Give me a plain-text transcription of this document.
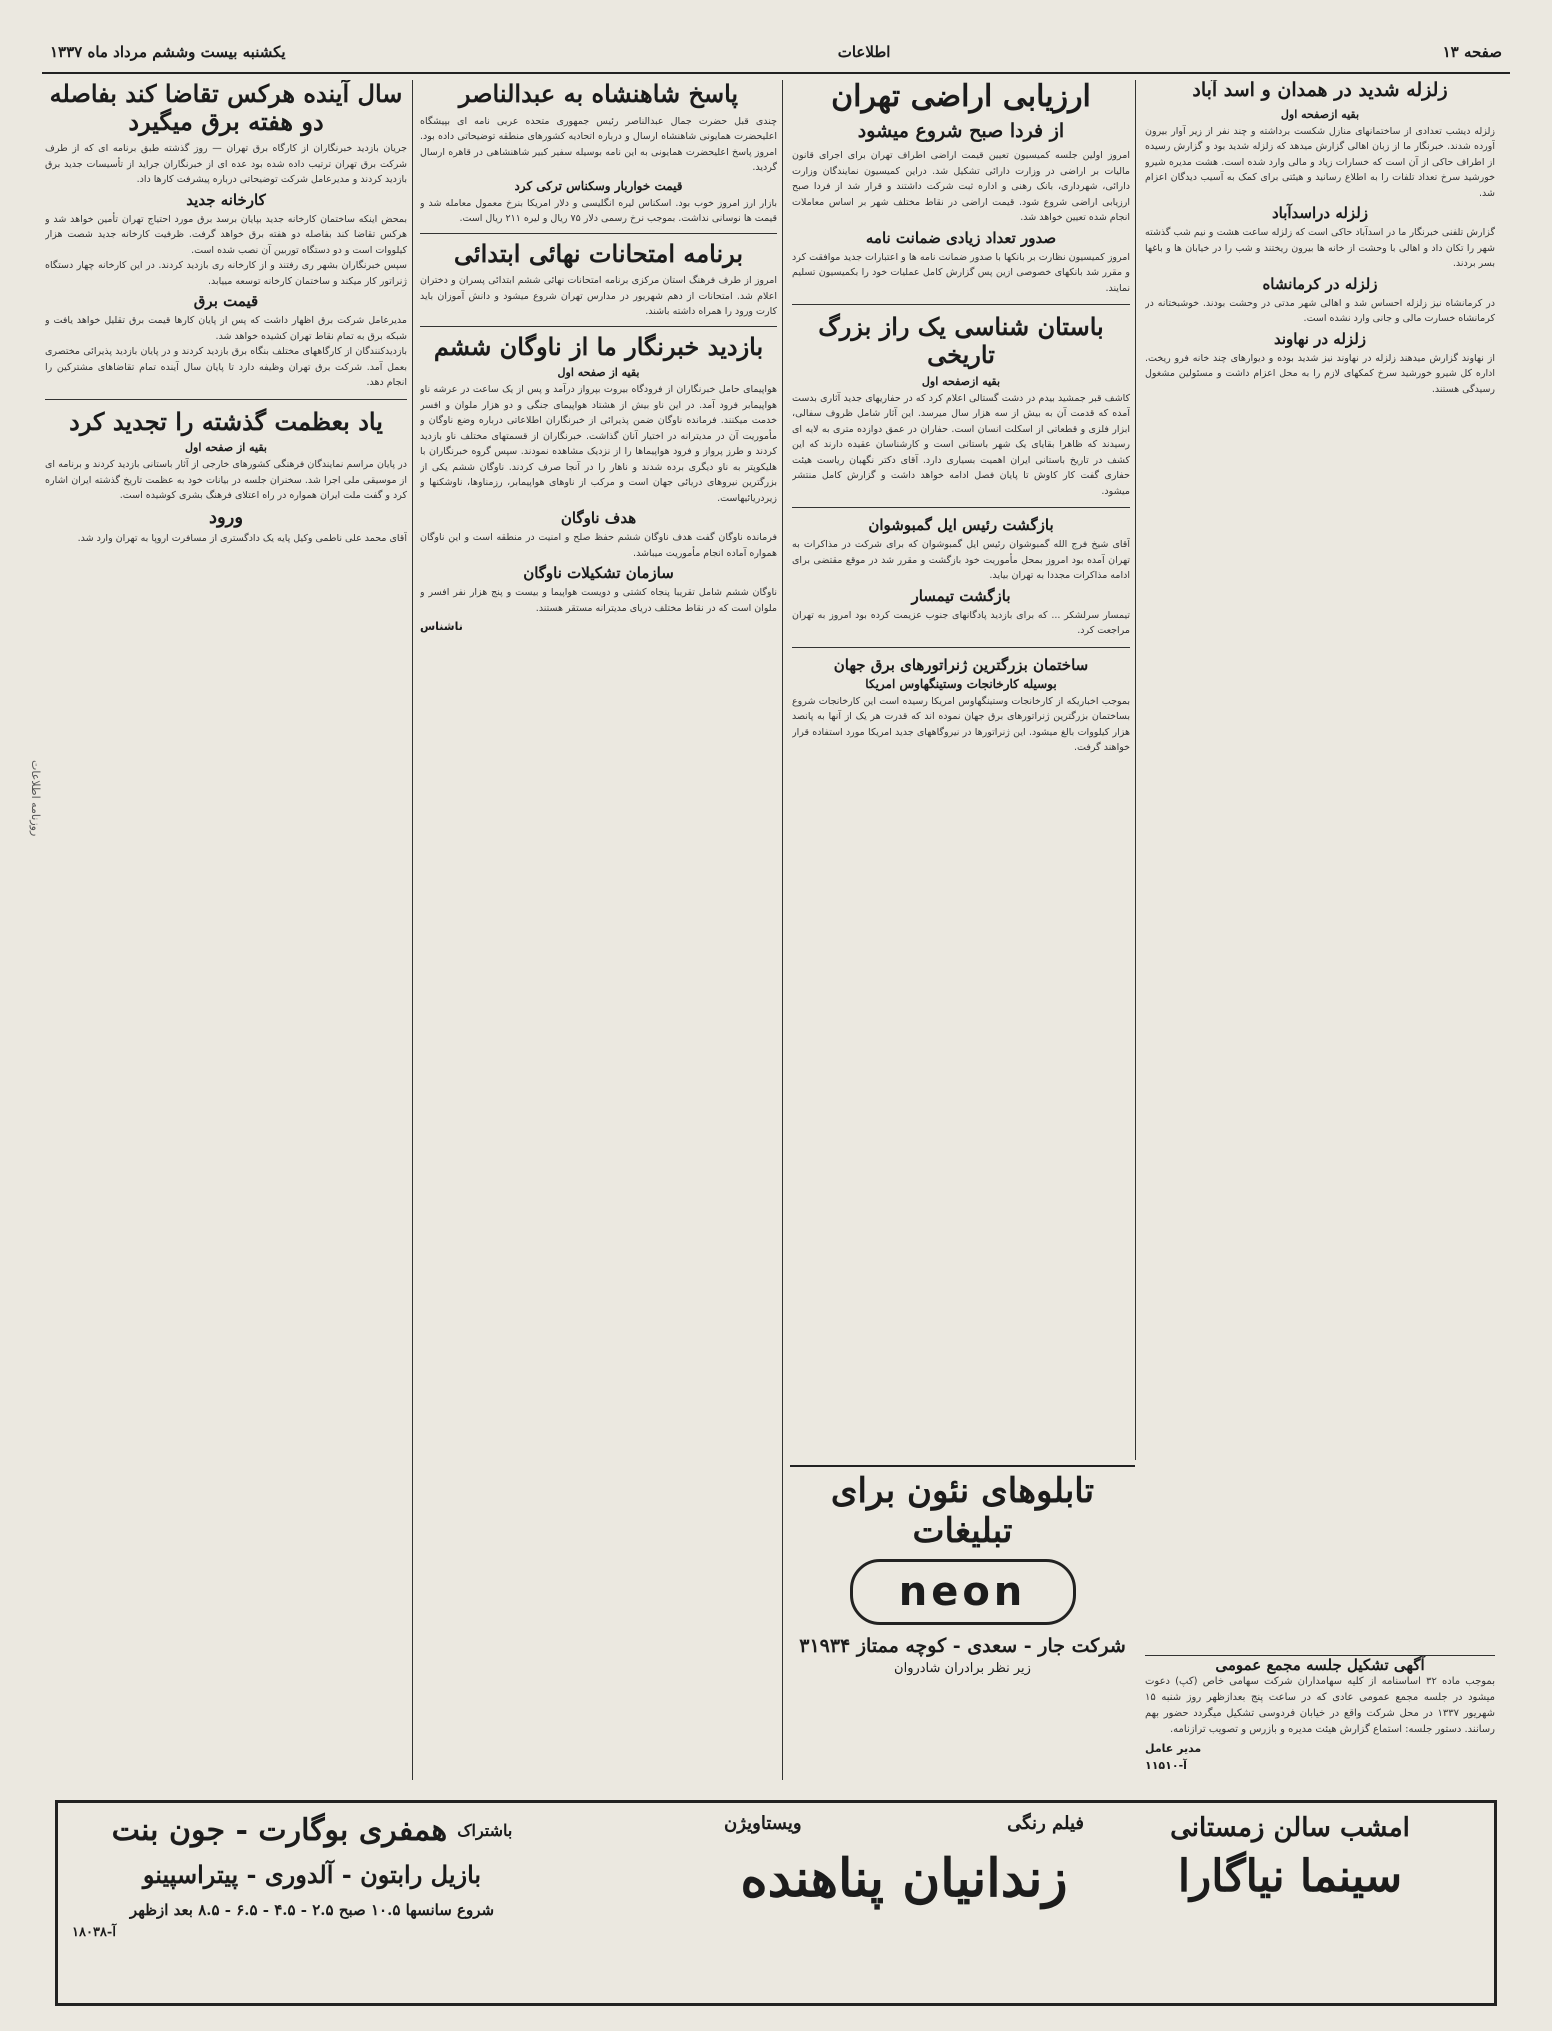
صفحه ۱۳
اطلاعات
یکشنبه بیست وششم مرداد ماه ۱۳۳۷
زلزله شدید در همدان و اسد آباد
بقیه ازصفحه اول

زلزله دیشب تعدادی از ساختمانهای منازل شکست برداشته و چند نفر از زیر آوار بیرون آورده شدند. خبرنگار ما از زبان اهالی گزارش میدهد که زلزله شدید بود و گزارش رسیده از اطراف حاکی از آن است که خسارات زیاد و مالی وارد شده است. هشت مدیره شیرو خورشید سرخ تعداد تلفات را به اطلاع رسانید و هیئتی برای کمک به آسیب دیدگان اعزام شد.

زلزله دراسدآباد

گزارش تلفنی خبرنگار ما در اسدآباد حاکی است که زلزله ساعت هشت و نیم شب گذشته شهر را تکان داد و اهالی با وحشت از خانه ها بیرون ریختند و شب را در خیابان ها و باغها بسر بردند.

زلزله در کرمانشاه

در کرمانشاه نیز زلزله احساس شد و اهالی شهر مدتی در وحشت بودند. خوشبختانه در کرمانشاه خسارت مالی و جانی وارد نشده است.

زلزله در نهاوند

از نهاوند گزارش میدهند زلزله در نهاوند نیز شدید بوده و دیوارهای چند خانه فرو ریخت. اداره کل شیرو خورشید سرخ کمکهای لازم را به محل اعزام داشت و مسئولین مشغول رسیدگی هستند.

ارزیابی اراضی تهران
از فردا صبح شروع میشود

امروز اولین جلسه کمیسیون تعیین قیمت اراضی اطراف تهران برای اجرای قانون مالیات بر اراضی در وزارت دارائی تشکیل شد. دراین کمیسیون نمایندگان وزارت دارائی، شهرداری، بانک رهنی و اداره ثبت شرکت داشتند و قرار شد از فردا صبح ارزیابی اراضی شروع شود. قیمت اراضی در نقاط مختلف شهر بر اساس معاملات انجام شده تعیین خواهد شد.

صدور تعداد زیادی ضمانت نامه

امروز کمیسیون نظارت بر بانکها با صدور ضمانت نامه ها و اعتبارات جدید موافقت کرد و مقرر شد بانکهای خصوصی ازین پس گزارش کامل عملیات خود را بکمیسیون تسلیم نمایند.

باستان شناسی یک راز بزرگ تاریخی
بقیه ازصفحه اول

کاشف قبر جمشید بیدم در دشت گستالی اعلام کرد که در حفاریهای جدید آثاری بدست آمده که قدمت آن به بیش از سه هزار سال میرسد. این آثار شامل ظروف سفالی، ابزار فلزی و قطعاتی از اسکلت انسان است. حفاران در عمق دوازده متری به لایه ای رسیدند که ظاهرا بقایای یک شهر باستانی است و کارشناسان عقیده دارند که این کشف در تاریخ باستانی ایران اهمیت بسیاری دارد. آقای دکتر نگهبان ریاست هیئت حفاری گفت کار کاوش تا پایان فصل ادامه خواهد داشت و گزارش کامل منتشر میشود.

بازگشت رئیس ایل گمبوشوان

آقای شیخ فرج الله گمبوشوان رئیس ایل گمبوشوان که برای شرکت در مذاکرات به تهران آمده بود امروز بمحل مأموریت خود بازگشت و مقرر شد در موقع مقتضی برای ادامه مذاکرات مجددا به تهران بیاید.

بازگشت تیمسار

تیمسار سرلشکر ... که برای بازدید پادگانهای جنوب عزیمت کرده بود امروز به تهران مراجعت کرد.

ساختمان بزرگترین ژنراتورهای برق جهان
بوسیله کارخانجات وستینگهاوس امریکا

بموجب اخباریکه از کارخانجات وستینگهاوس امریکا رسیده است این کارخانجات شروع بساختمان بزرگترین ژنراتورهای برق جهان نموده اند که قدرت هر یک از آنها به پانصد هزار کیلووات بالغ میشود. این ژنراتورها در نیروگاههای جدید امریکا مورد استفاده قرار خواهند گرفت.

تابلوهای نئون برای تبلیغات
neon
شرکت جار - سعدی - کوچه ممتاز ۳۱۹۳۴
زیر نظر برادران شادروان	آگهی تشکیل جلسه مجمع عمومی
بموجب ماده ۳۲ اساسنامه از کلیه سهامداران شرکت سهامی خاص (کپ) دعوت میشود در جلسه مجمع عمومی عادی که در ساعت پنج بعدازظهر روز شنبه ۱۵ شهریور ۱۳۳۷ در محل شرکت واقع در خیابان فردوسی تشکیل میگردد حضور بهم رسانند. دستور جلسه: استماع گزارش هیئت مدیره و بازرس و تصویب ترازنامه.
مدیر عامل
آ-۱۱۵۱۰
پاسخ شاهنشاه به عبدالناصر

چندی قبل حضرت جمال عبدالناصر رئیس جمهوری متحده عربی نامه ای بپیشگاه اعلیحضرت همایونی شاهنشاه ارسال و درباره اتحادیه کشورهای منطقه توضیحاتی داده بود. امروز پاسخ اعلیحضرت همایونی به این نامه بوسیله سفیر کبیر شاهنشاهی در قاهره ارسال گردید.

قیمت خواربار وسکناس ترکی کرد

بازار ارز امروز خوب بود. اسکناس لیره انگلیسی و دلار امریکا بنرخ معمول معامله شد و قیمت ها نوسانی نداشت. بموجب نرخ رسمی دلار ۷۵ ریال و لیره ۲۱۱ ریال است.

برنامه امتحانات نهائی ابتدائی

امروز از طرف فرهنگ استان مرکزی برنامه امتحانات نهائی ششم ابتدائی پسران و دختران اعلام شد. امتحانات از دهم شهریور در مدارس تهران شروع میشود و دانش آموزان باید کارت ورود را همراه داشته باشند.

بازدید خبرنگار ما از ناوگان ششم
بقیه از صفحه اول

هواپیمای حامل خبرنگاران از فرودگاه بیروت بپرواز درآمد و پس از یک ساعت در عرشه ناو هواپیمابر فرود آمد. در این ناو بیش از هشتاد هواپیمای جنگی و دو هزار ملوان و افسر خدمت میکنند. فرمانده ناوگان ضمن پذیرائی از خبرنگاران اطلاعاتی درباره وضع ناوگان و مأموریت آن در مدیترانه در اختیار آنان گذاشت. خبرنگاران از قسمتهای مختلف ناو بازدید کردند و طرز پرواز و فرود هواپیماها را از نزدیک مشاهده نمودند. سپس گروه خبرنگاران با هلیکوپتر به ناو دیگری برده شدند و ناهار را در آنجا صرف کردند. ناوگان ششم یکی از بزرگترین نیروهای دریائی جهان است و مرکب از ناوهای هواپیمابر، رزمناوها، ناوشکنها و زیردریائیهاست.

هدف ناوگان

فرمانده ناوگان گفت هدف ناوگان ششم حفظ صلح و امنیت در منطقه است و این ناوگان همواره آماده انجام مأموریت میباشد.

سازمان تشکیلات ناوگان

ناوگان ششم شامل تقریبا پنجاه کشتی و دویست هواپیما و بیست و پنج هزار نفر افسر و ملوان است که در نقاط مختلف دریای مدیترانه مستقر هستند.

ناشناس
سال آینده هرکس تقاضا کند بفاصله دو هفته برق میگیرد

جریان بازدید خبرنگاران از کارگاه برق تهران — روز گذشته طبق برنامه ای که از طرف شرکت برق تهران ترتیب داده شده بود عده ای از خبرنگاران جراید از تأسیسات جدید برق بازدید کردند و مدیرعامل شرکت توضیحاتی درباره پیشرفت کارها داد.

کارخانه جدید

بمحض اینکه ساختمان کارخانه جدید بپایان برسد برق مورد احتیاج تهران تأمین خواهد شد و هرکس تقاضا کند بفاصله دو هفته برق خواهد گرفت. ظرفیت کارخانه جدید شصت هزار کیلووات است و دو دستگاه توربین آن نصب شده است.

سپس خبرنگاران بشهر ری رفتند و از کارخانه ری بازدید کردند. در این کارخانه چهار دستگاه ژنراتور کار میکند و ساختمان کارخانه توسعه مییابد.

قیمت برق

مدیرعامل شرکت برق اظهار داشت که پس از پایان کارها قیمت برق تقلیل خواهد یافت و شبکه برق به تمام نقاط تهران کشیده خواهد شد.

بازدیدکنندگان از کارگاههای مختلف بنگاه برق بازدید کردند و در پایان بازدید پذیرائی مختصری بعمل آمد. شرکت برق تهران وظیفه دارد تا پایان سال آینده تمام تقاضاهای مشترکین را انجام دهد.

یاد بعظمت گذشته را تجدید کرد
بقیه از صفحه اول

در پایان مراسم نمایندگان فرهنگی کشورهای خارجی از آثار باستانی بازدید کردند و برنامه ای از موسیقی ملی اجرا شد. سخنران جلسه در بیانات خود به عظمت تاریخ گذشته ایران اشاره کرد و گفت ملت ایران همواره در راه اعتلای فرهنگ بشری کوشیده است.

ورود

آقای محمد علی ناطمی وکیل پایه یک دادگستری از مسافرت اروپا به تهران وارد شد.

امشب سالن زمستانی
سینما نیاگارا
فیلم رنگی
ویستاویژن
زندانیان پناهنده
باشتراک
همفری بوگارت - جون بنت
بازیل رابتون - آلدوری - پیتراسپینو
شروع سانسها ۱۰.۵ صبح ۲.۵ - ۴.۵ - ۶.۵ - ۸.۵ بعد ازظهر
آ-۱۸۰۳۸
روزنامه اطلاعات
